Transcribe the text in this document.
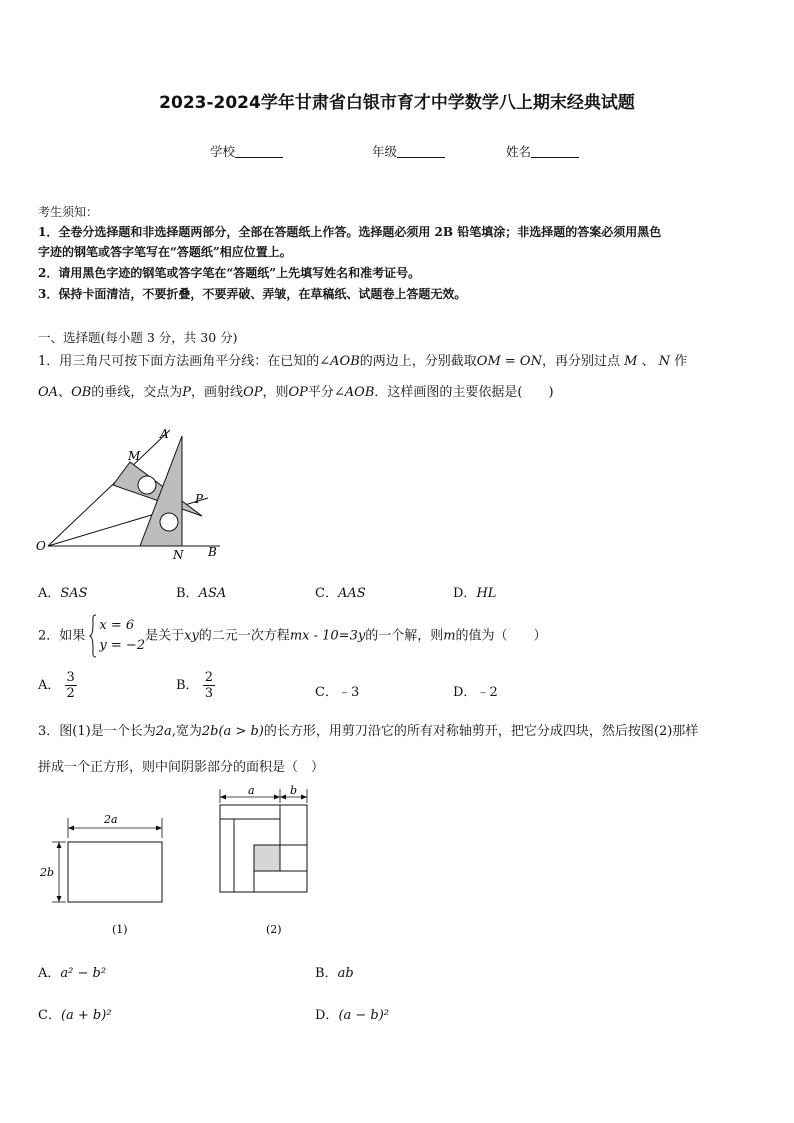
2023-2024学年甘肃省白银市育才中学数学八上期末经典试题
学校	年级	姓名
考生须知：
1．全卷分选择题和非选择题两部分，全部在答题纸上作答。选择题必须用 2B 铅笔填涂；非选择题的答案必须用黑色
字迹的钢笔或答字笔写在“答题纸”相应位置上。
2．请用黑色字迹的钢笔或答字笔在“答题纸”上先填写姓名和准考证号。
3．保持卡面清洁，不要折叠，不要弄破、弄皱，在草稿纸、试题卷上答题无效。
一、选择题(每小题 3 分，共 30 分)
1．用三角尺可按下面方法画角平分线：在已知的∠AOB的两边上，分别截取OM = ON，再分别过点 M 、 N 作
OA、OB的垂线，交点为P，画射线OP，则OP平分∠AOB．这样画图的主要依据是(　　)
A
M
P
O
N B
A．SAS	B．ASA	C．AAS	D．HL
2．如果
x = 6
y = −2
是关于xy的二元一次方程mx - 10=3y的一个解，则m的值为（　　）
A． $\frac{3}{2}$	B． $\frac{2}{3}$	C．﹣3	D．﹣2
3．图(1)是一个长为2a,宽为2b(a > b)的长方形，用剪刀沿它的所有对称轴剪开，把它分成四块，然后按图(2)那样
拼成一个正方形，则中间阴影部分的面积是（　）
2a
2b
(1)
a	b
(2)
A．a² − b²	B．ab
C．(a + b)²	D．(a − b)²
